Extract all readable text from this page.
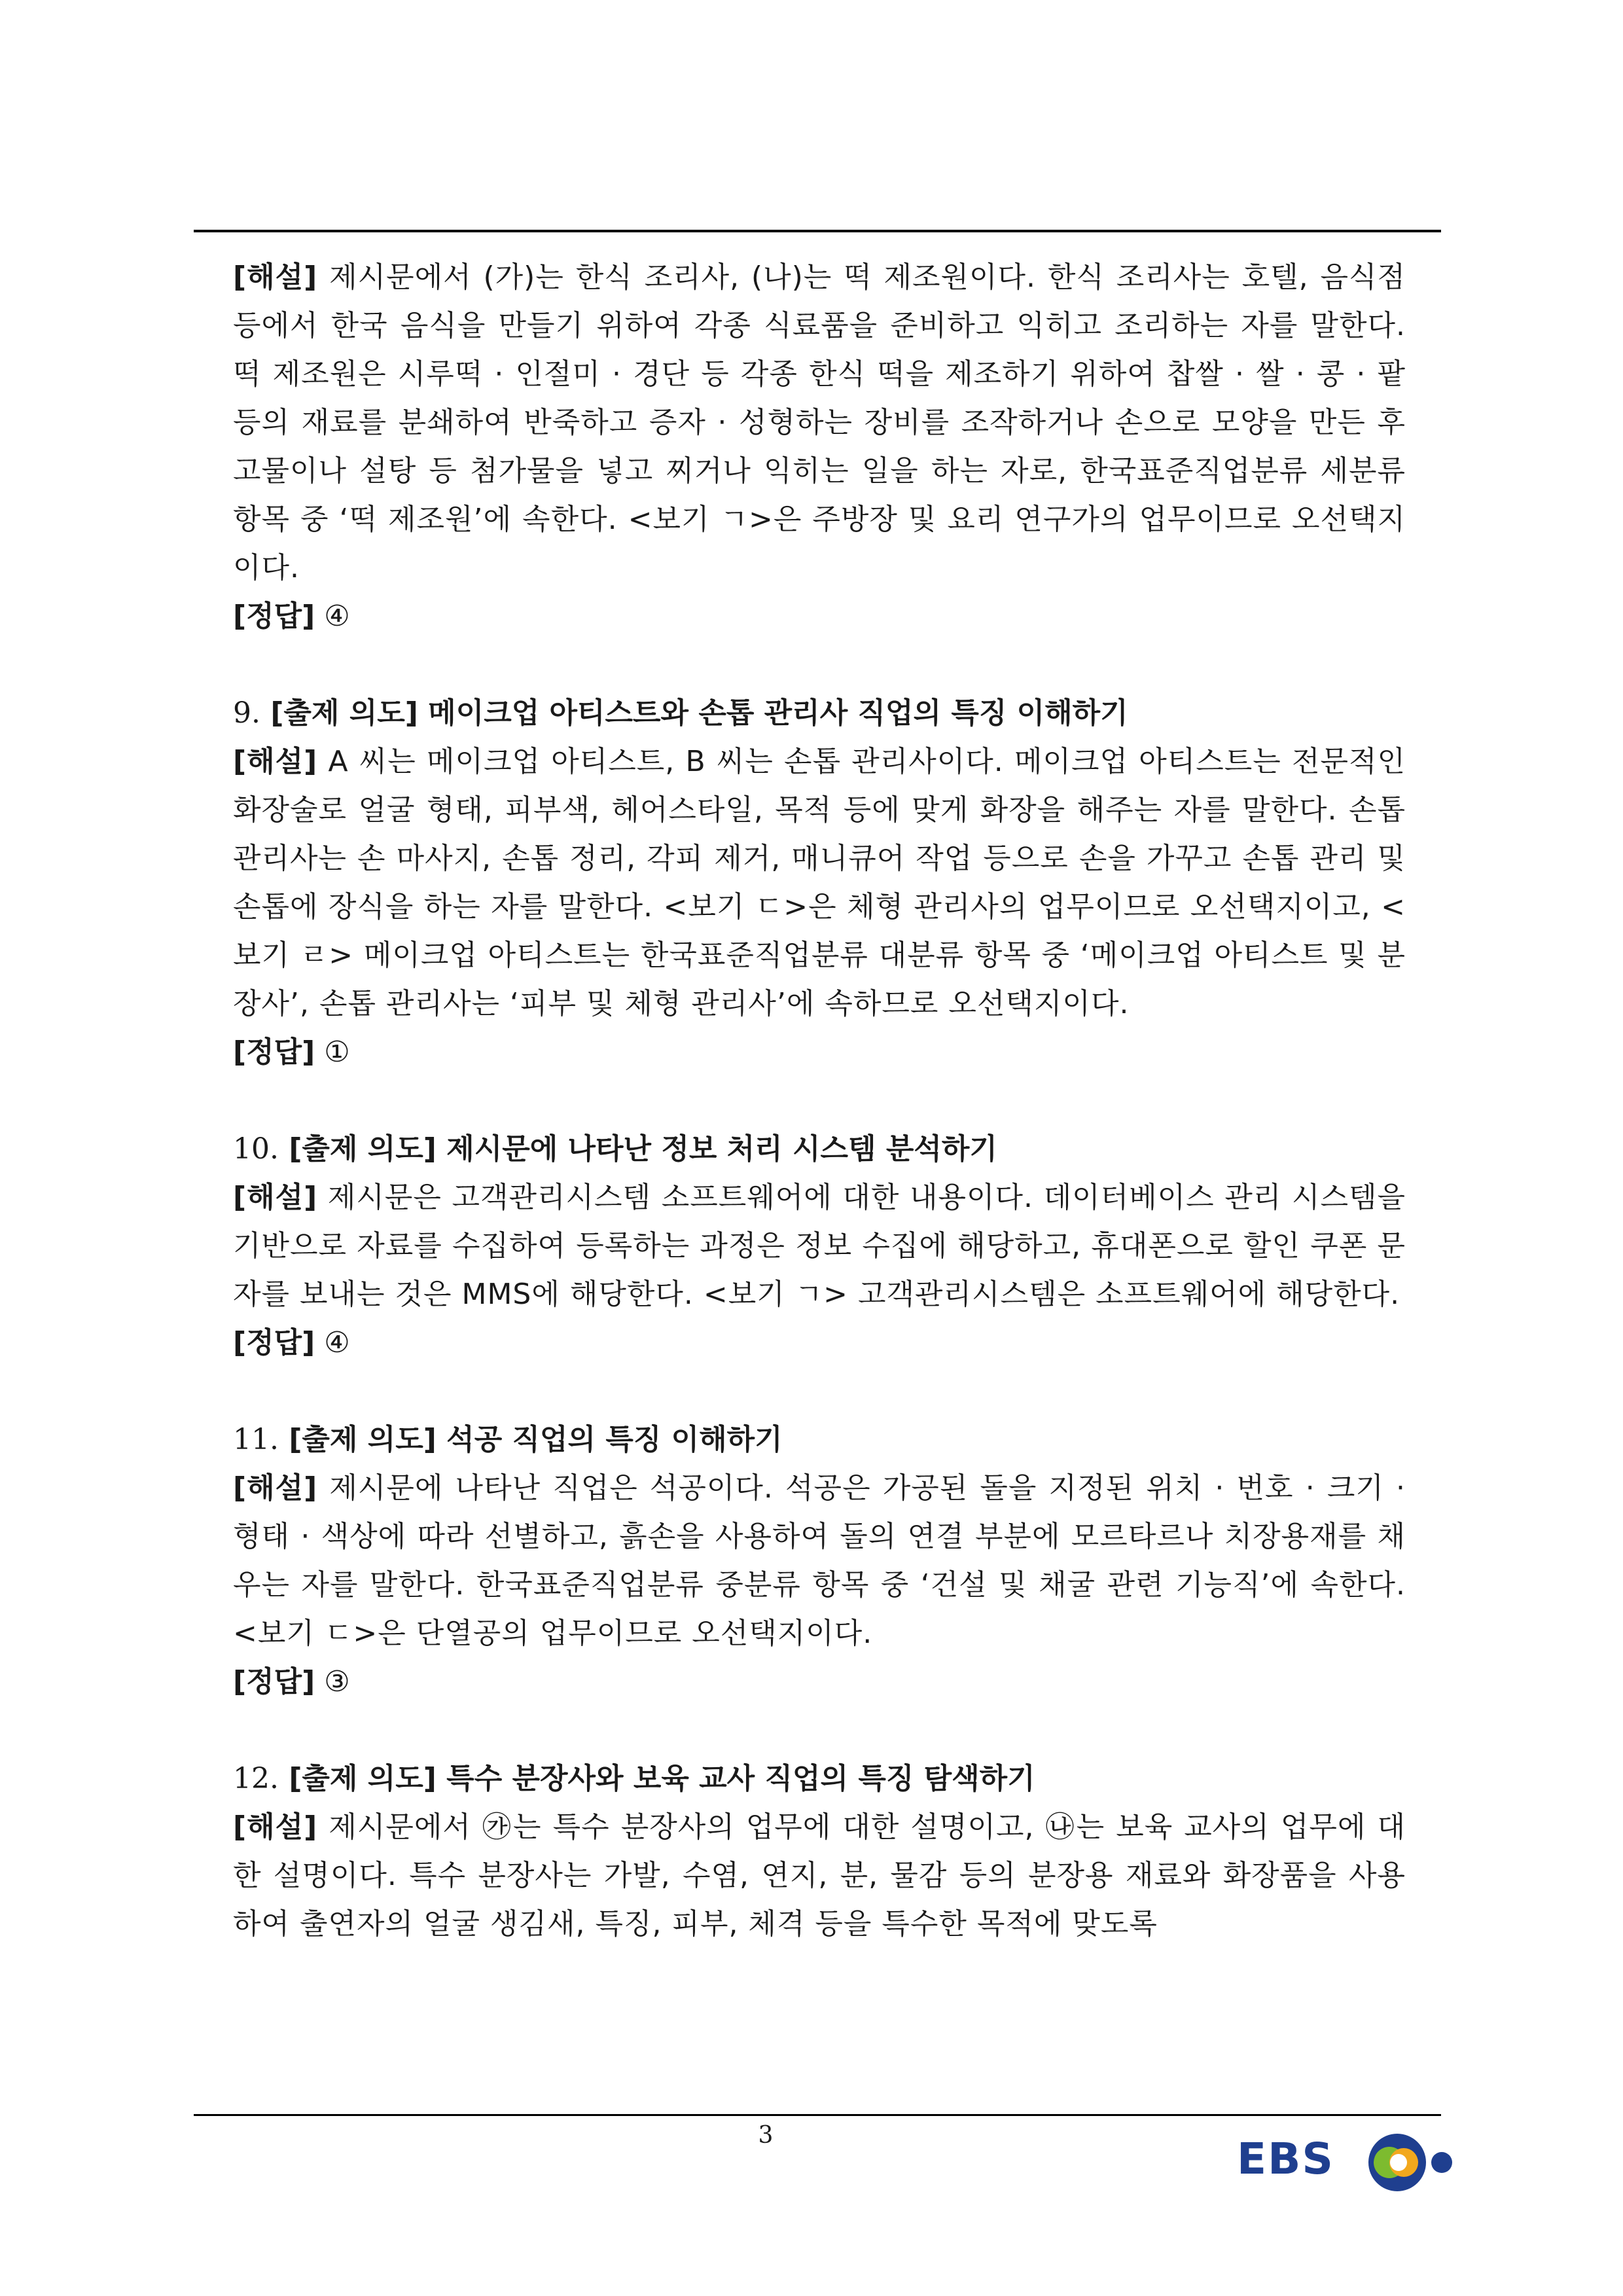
[해설] 제시문에서 (가)는 한식 조리사, (나)는 떡 제조원이다. 한식 조리사는 호텔, 음식점 등에서 한국 음식을 만들기 위하여 각종 식료품을 준비하고 익히고 조리하는 자를 말한다. 떡 제조원은 시루떡 · 인절미 · 경단 등 각종 한식 떡을 제조하기 위하여 찹쌀 · 쌀 · 콩 · 팥 등의 재료를 분쇄하여 반죽하고 증자 · 성형하는 장비를 조작하거나 손으로 모양을 만든 후 고물이나 설탕 등 첨가물을 넣고 찌거나 익히는 일을 하는 자로, 한국표준직업분류 세분류 항목 중 ‘떡 제조원’에 속한다. <보기 ㄱ>은 주방장 및 요리 연구가의 업무이므로 오선택지이다.

[정답] ④

9. [출제 의도] 메이크업 아티스트와 손톱 관리사 직업의 특징 이해하기

[해설] A 씨는 메이크업 아티스트, B 씨는 손톱 관리사이다. 메이크업 아티스트는 전문적인 화장술로 얼굴 형태, 피부색, 헤어스타일, 목적 등에 맞게 화장을 해주는 자를 말한다. 손톱 관리사는 손 마사지, 손톱 정리, 각피 제거, 매니큐어 작업 등으로 손을 가꾸고 손톱 관리 및 손톱에 장식을 하는 자를 말한다. <보기 ㄷ>은 체형 관리사의 업무이므로 오선택지이고, <보기 ㄹ> 메이크업 아티스트는 한국표준직업분류 대분류 항목 중 ‘메이크업 아티스트 및 분장사’, 손톱 관리사는 ‘피부 및 체형 관리사’에 속하므로 오선택지이다.

[정답] ①

10. [출제 의도] 제시문에 나타난 정보 처리 시스템 분석하기

[해설] 제시문은 고객관리시스템 소프트웨어에 대한 내용이다. 데이터베이스 관리 시스템을 기반으로 자료를 수집하여 등록하는 과정은 정보 수집에 해당하고, 휴대폰으로 할인 쿠폰 문자를 보내는 것은 MMS에 해당한다. <보기 ㄱ> 고객관리시스템은 소프트웨어에 해당한다.

[정답] ④

11. [출제 의도] 석공 직업의 특징 이해하기

[해설] 제시문에 나타난 직업은 석공이다. 석공은 가공된 돌을 지정된 위치 · 번호 · 크기 · 형태 · 색상에 따라 선별하고, 흙손을 사용하여 돌의 연결 부분에 모르타르나 치장용재를 채우는 자를 말한다. 한국표준직업분류 중분류 항목 중 ‘건설 및 채굴 관련 기능직’에 속한다. <보기 ㄷ>은 단열공의 업무이므로 오선택지이다.

[정답] ③

12. [출제 의도] 특수 분장사와 보육 교사 직업의 특징 탐색하기

[해설] 제시문에서 ㉮는 특수 분장사의 업무에 대한 설명이고, ㉯는 보육 교사의 업무에 대한 설명이다. 특수 분장사는 가발, 수염, 연지, 분, 물감 등의 분장용 재료와 화장품을 사용하여 출연자의 얼굴 생김새, 특징, 피부, 체격 등을 특수한 목적에 맞도록

3	EBS
